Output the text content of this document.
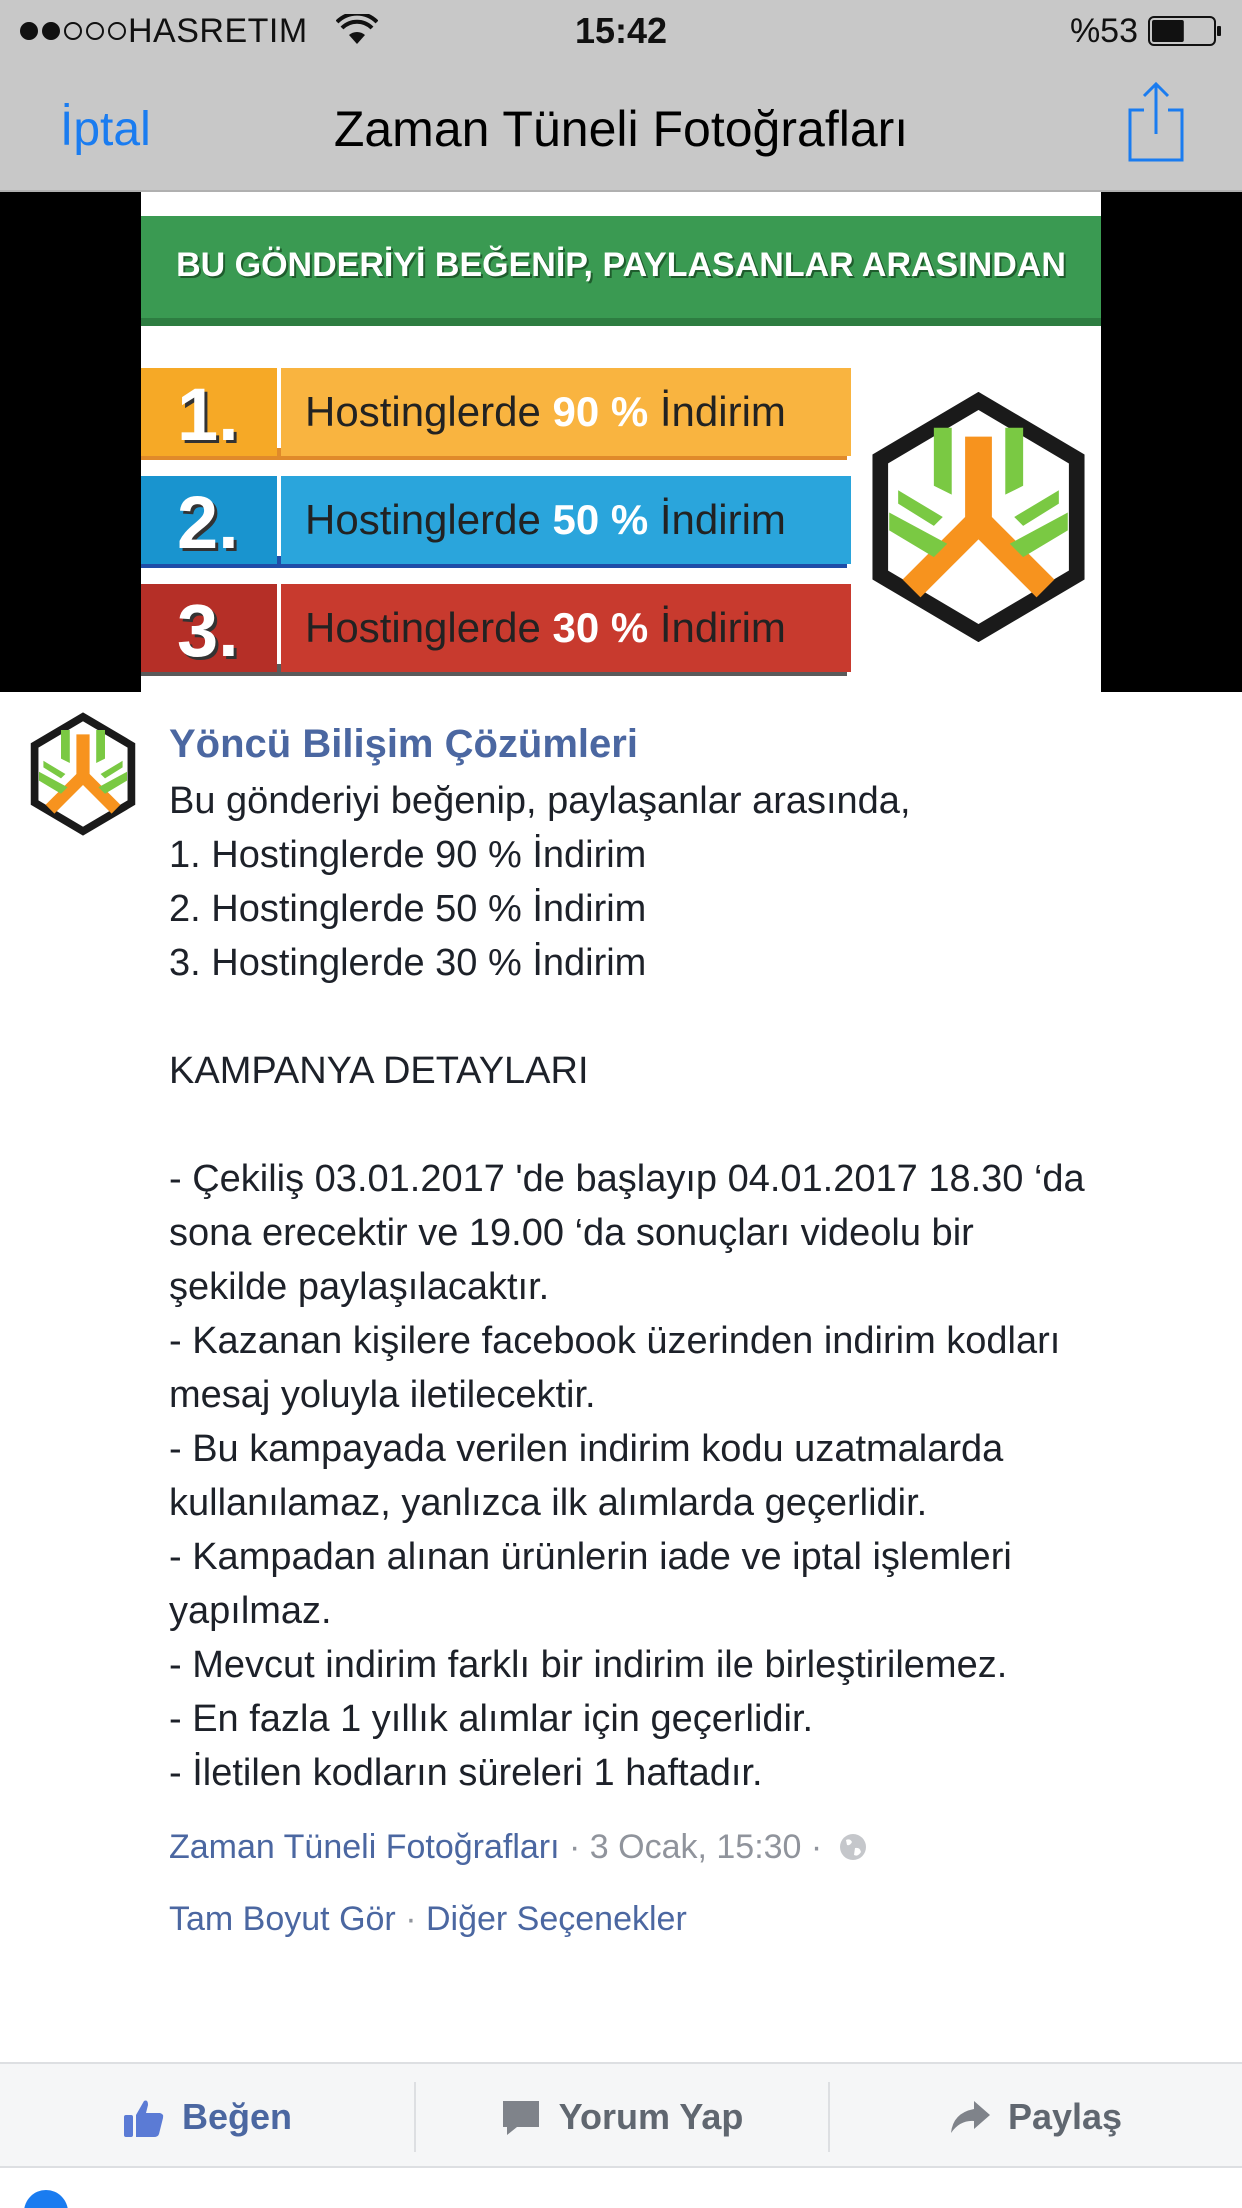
HASRETIM	15:42	%53
İptal	Zaman Tüneli Fotoğrafları
BU GÖNDERİYİ BEĞENİP, PAYLASANLAR ARASINDAN
1. Hostinglerde 90 % İndirim
2. Hostinglerde 50 % İndirim
3. Hostinglerde 30 % İndirim
Yöncü Bilişim Çözümleri

Bu gönderiyi beğenip, paylaşanlar arasında,

1. Hostinglerde 90 % İndirim

2. Hostinglerde 50 % İndirim

3. Hostinglerde 30 % İndirim

KAMPANYA DETAYLARI

- Çekiliş 03.01.2017 'de başlayıp 04.01.2017 18.30 ‘da

sona erecektir ve 19.00 ‘da sonuçları videolu bir

şekilde paylaşılacaktır.

- Kazanan kişilere facebook üzerinden indirim kodları

mesaj yoluyla iletilecektir.

- Bu kampayada verilen indirim kodu uzatmalarda

kullanılamaz, yanlızca ilk alımlarda geçerlidir.

- Kampadan alınan ürünlerin iade ve iptal işlemleri

yapılmaz.

- Mevcut indirim farklı bir indirim ile birleştirilemez.

- En fazla 1 yıllık alımlar için geçerlidir.

- İletilen kodların süreleri 1 haftadır.

Zaman Tüneli Fotoğrafları · 3 Ocak, 15:30 ·
Tam Boyut Gör · Diğer Seçenekler
Beğen	Yorum Yap	Paylaş
